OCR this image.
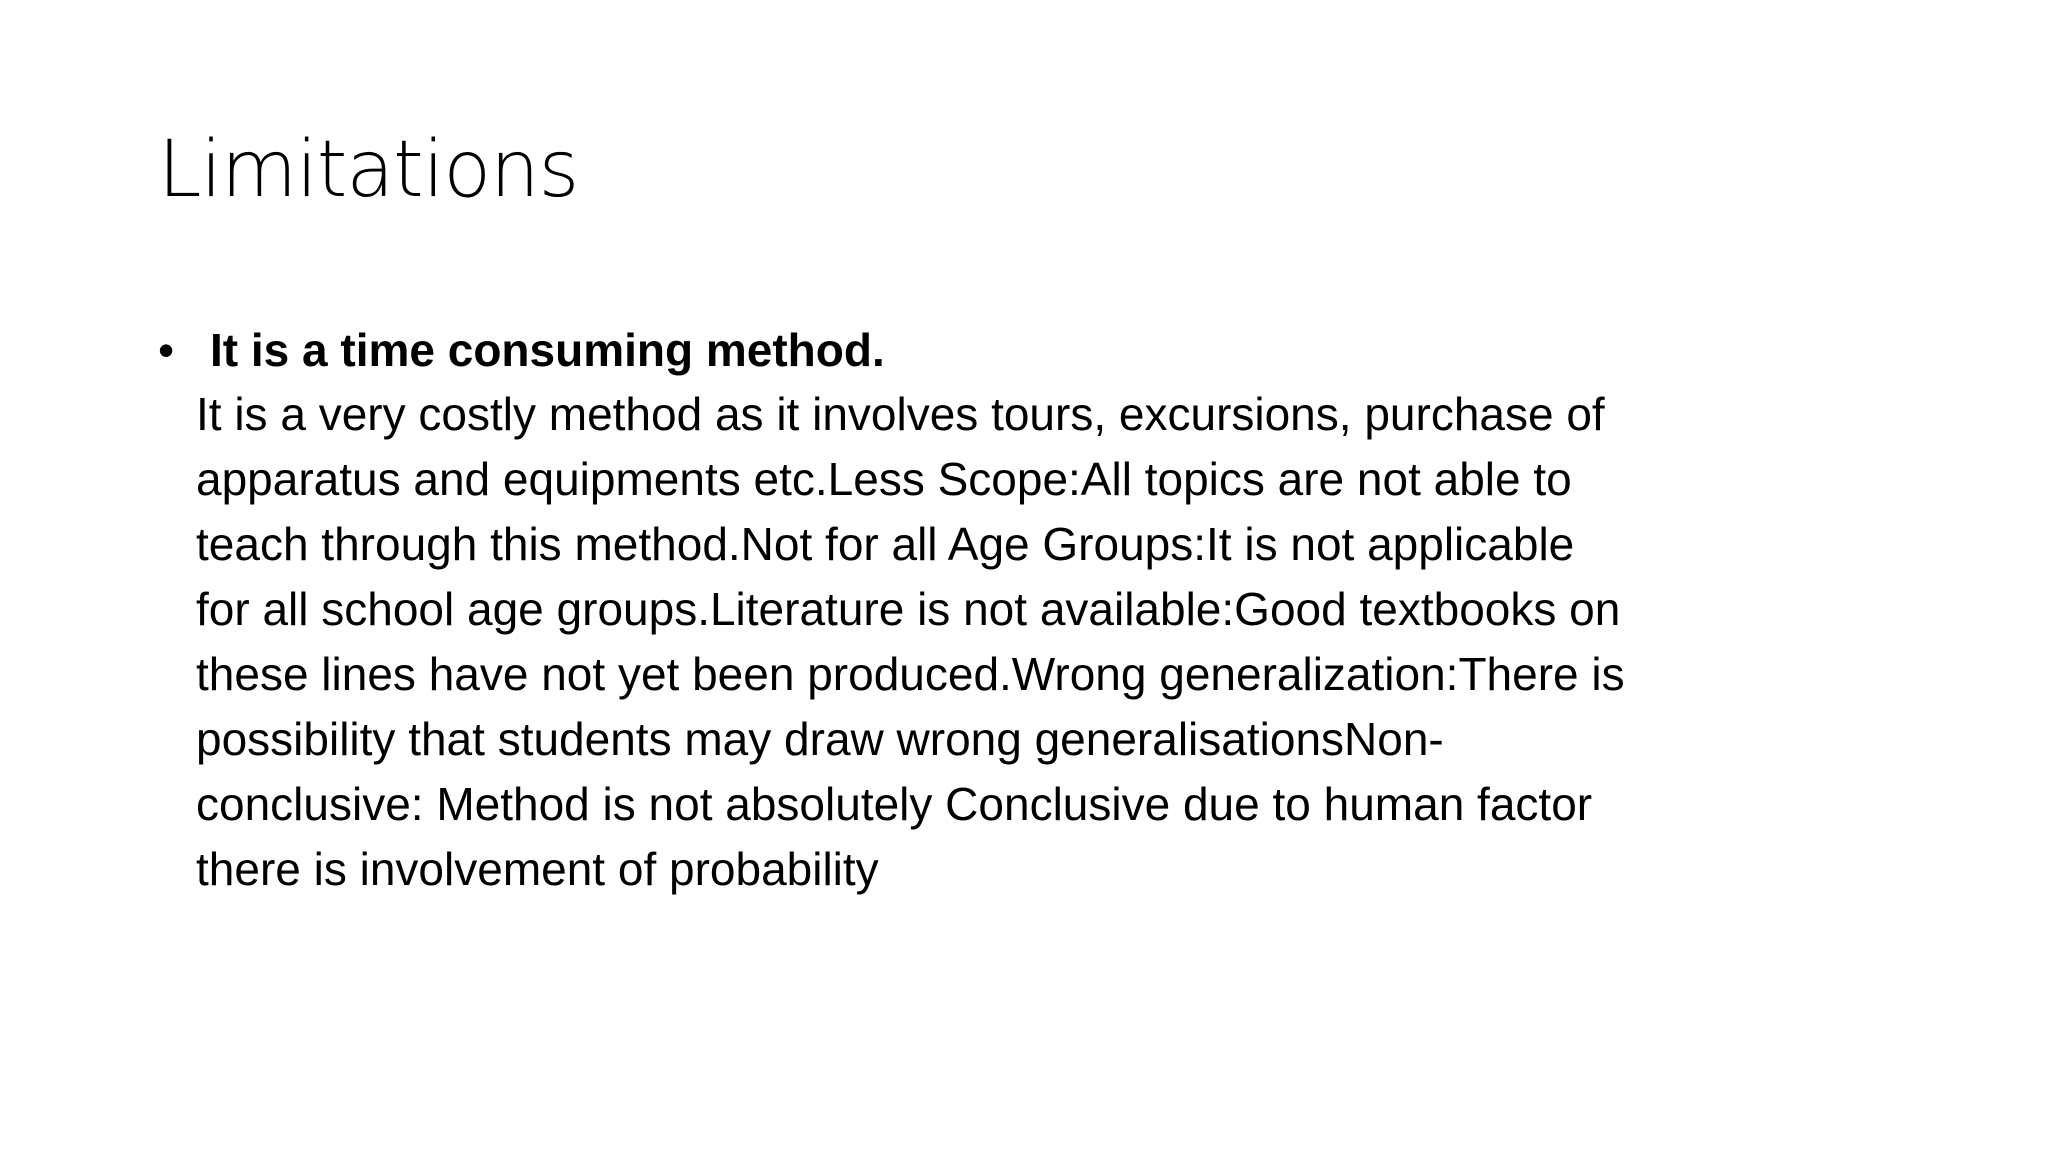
Limitations
• It is a time consuming method.

It is a very costly method as it involves tours, excursions, purchase of
apparatus and equipments etc.Less Scope:All topics are not able to
teach through this method.Not for all Age Groups:It is not applicable
for all school age groups.Literature is not available:Good textbooks on
these lines have not yet been produced.Wrong generalization:There is
possibility that students may draw wrong generalisationsNon-
conclusive: Method is not absolutely Conclusive due to human factor
there is involvement of probability
